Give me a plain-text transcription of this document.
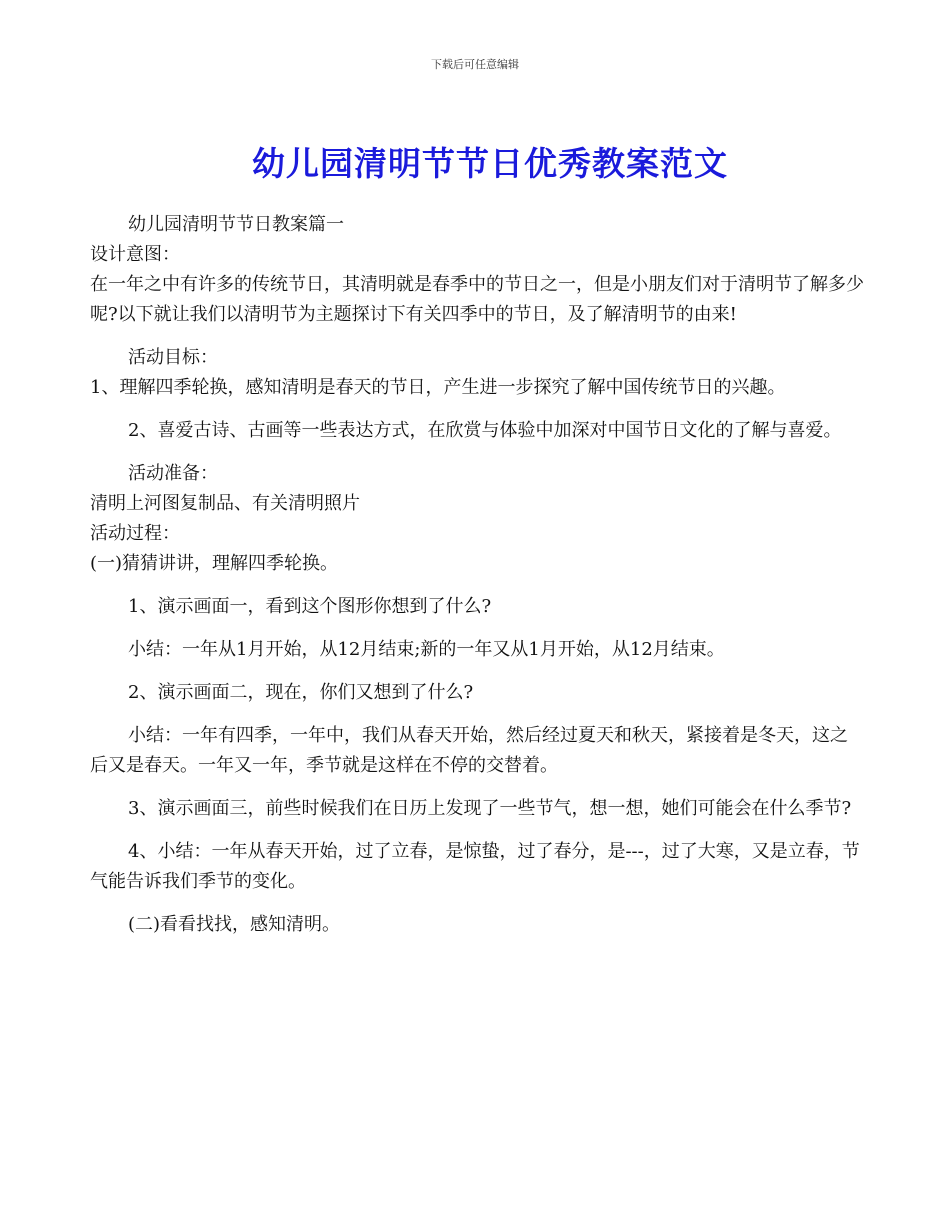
下载后可任意编辑
幼儿园清明节节日优秀教案范文

幼儿园清明节节日教案篇一

设计意图：

在一年之中有许多的传统节日，其清明就是春季中的节日之一，但是小朋友们对于清明节了解多少呢?以下就让我们以清明节为主题探讨下有关四季中的节日，及了解清明节的由来!

活动目标：

1、理解四季轮换，感知清明是春天的节日，产生进一步探究了解中国传统节日的兴趣。

2、喜爱古诗、古画等一些表达方式，在欣赏与体验中加深对中国节日文化的了解与喜爱。

活动准备：

清明上河图复制品、有关清明照片

活动过程：

(一)猜猜讲讲，理解四季轮换。

1、演示画面一，看到这个图形你想到了什么?

小结：一年从1月开始，从12月结束;新的一年又从1月开始，从12月结束。

2、演示画面二，现在，你们又想到了什么?

小结：一年有四季，一年中，我们从春天开始，然后经过夏天和秋天，紧接着是冬天，这之后又是春天。一年又一年，季节就是这样在不停的交替着。

3、演示画面三，前些时候我们在日历上发现了一些节气，想一想，她们可能会在什么季节?

4、小结：一年从春天开始，过了立春，是惊蛰，过了春分，是---，过了大寒，又是立春，节气能告诉我们季节的变化。

(二)看看找找，感知清明。
